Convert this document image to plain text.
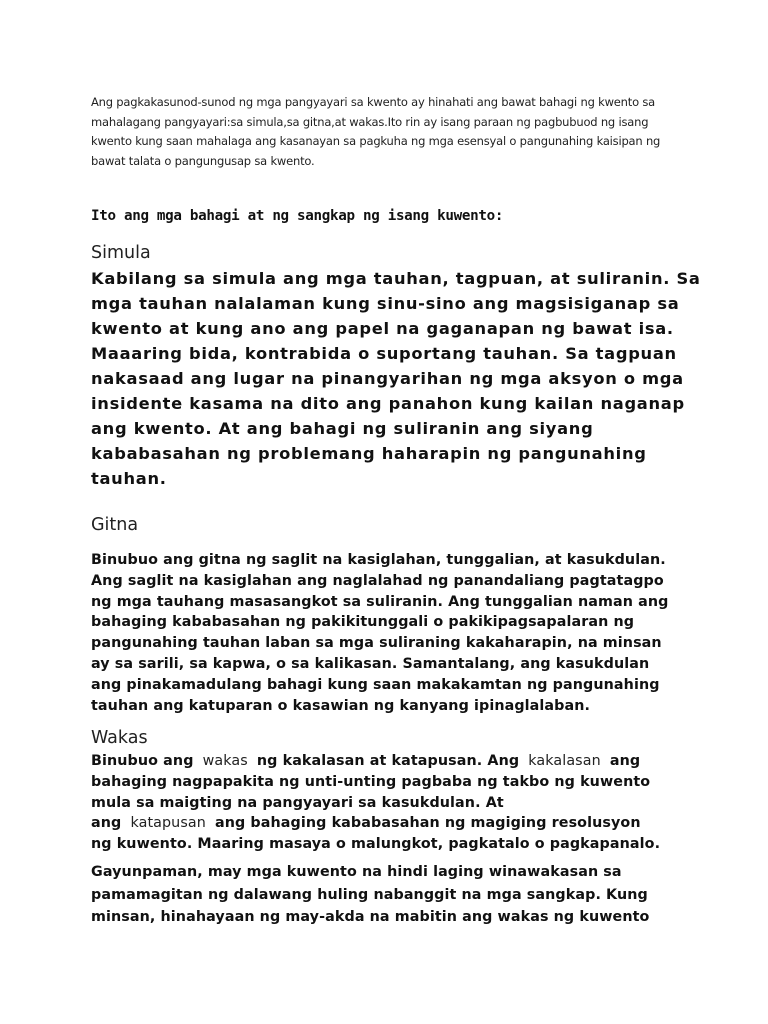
Ang pagkakasunod-sunod ng mga pangyayari sa kwento ay hinahati ang bawat bahagi ng kwento sa
mahalagang pangyayari:sa simula,sa gitna,at wakas.Ito rin ay isang paraan ng pagbubuod ng isang
kwento kung saan mahalaga ang kasanayan sa pagkuha ng mga esensyal o pangunahing kaisipan ng
bawat talata o pangungusap sa kwento.
Ito ang mga bahagi at ng sangkap ng isang kuwento:
Simula
Kabilang sa simula ang mga tauhan, tagpuan, at suliranin. Sa
mga tauhan nalalaman kung sinu-sino ang magsisiganap sa
kwento at kung ano ang papel na gaganapan ng bawat isa.
Maaaring bida, kontrabida o suportang tauhan. Sa tagpuan
nakasaad ang lugar na pinangyarihan ng mga aksyon o mga
insidente kasama na dito ang panahon kung kailan naganap
ang kwento. At ang bahagi ng suliranin ang siyang
kababasahan ng problemang haharapin ng pangunahing
tauhan.
Gitna
Binubuo ang gitna ng saglit na kasiglahan, tunggalian, at kasukdulan.
Ang saglit na kasiglahan ang naglalahad ng panandaliang pagtatagpo
ng mga tauhang masasangkot sa suliranin. Ang tunggalian naman ang
bahaging kababasahan ng pakikitunggali o pakikipagsapalaran ng
pangunahing tauhan laban sa mga suliraning kakaharapin, na minsan
ay sa sarili, sa kapwa, o sa kalikasan. Samantalang, ang kasukdulan
ang pinakamadulang bahagi kung saan makakamtan ng pangunahing
tauhan ang katuparan o kasawian ng kanyang ipinaglalaban.
Wakas
Binubuo ang wakas ng kakalasan at katapusan. Ang kakalasan ang
bahaging nagpapakita ng unti-unting pagbaba ng takbo ng kuwento
mula sa maigting na pangyayari sa kasukdulan. At
ang katapusan ang bahaging kababasahan ng magiging resolusyon
ng kuwento. Maaring masaya o malungkot, pagkatalo o pagkapanalo.
Gayunpaman, may mga kuwento na hindi laging winawakasan sa
pamamagitan ng dalawang huling nabanggit na mga sangkap. Kung
minsan, hinahayaan ng may-akda na mabitin ang wakas ng kuwento
